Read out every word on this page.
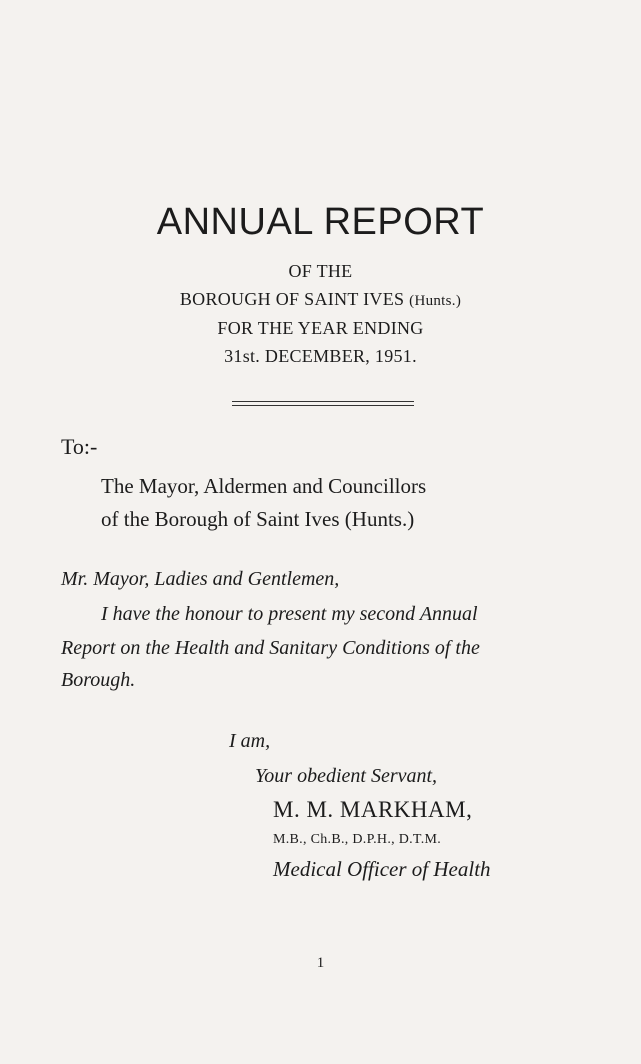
ANNUAL REPORT
OF THE
BOROUGH OF SAINT IVES (Hunts.)
FOR THE YEAR ENDING
31st. DECEMBER, 1951.
To:-
The Mayor, Aldermen and Councillors
of the Borough of Saint Ives (Hunts.)
Mr. Mayor, Ladies and Gentlemen,
I have the honour to present my second Annual
Report on the Health and Sanitary Conditions of the
Borough.
I am,
Your obedient Servant,
M. M. MARKHAM,
M.B., Ch.B., D.P.H., D.T.M.
Medical Officer of Health
1
